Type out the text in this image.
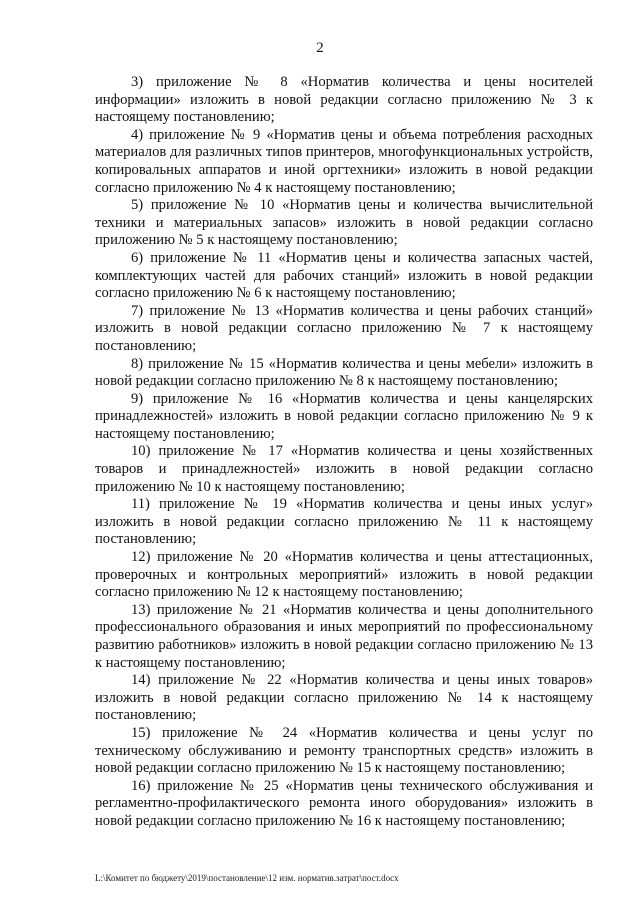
2

3) приложение № 8 «Норматив количества и цены носителей информации» изложить в новой редакции согласно приложению № 3 к настоящему постановлению;

4) приложение № 9 «Норматив цены и объема потребления расходных материалов для различных типов принтеров, многофункциональных устройств, копировальных аппаратов и иной оргтехники» изложить в новой редакции согласно приложению № 4 к настоящему постановлению;

5) приложение № 10 «Норматив цены и количества вычислительной техники и материальных запасов» изложить в новой редакции согласно приложению № 5 к настоящему постановлению;

6) приложение № 11 «Норматив цены и количества запасных частей, комплектующих частей для рабочих станций» изложить в новой редакции согласно приложению № 6 к настоящему постановлению;

7) приложение № 13 «Норматив количества и цены рабочих станций» изложить в новой редакции согласно приложению № 7 к настоящему постановлению;

8) приложение № 15 «Норматив количества и цены мебели» изложить в новой редакции согласно приложению № 8 к настоящему постановлению;

9) приложение № 16 «Норматив количества и цены канцелярских принадлежностей» изложить в новой редакции согласно приложению № 9 к настоящему постановлению;

10) приложение № 17 «Норматив количества и цены хозяйственных товаров и принадлежностей» изложить в новой редакции согласно приложению № 10 к настоящему постановлению;

11) приложение № 19 «Норматив количества и цены иных услуг» изложить в новой редакции согласно приложению № 11 к настоящему постановлению;

12) приложение № 20 «Норматив количества и цены аттестационных, проверочных и контрольных мероприятий» изложить в новой редакции согласно приложению № 12 к настоящему постановлению;

13) приложение № 21 «Норматив количества и цены дополнительного профессионального образования и иных мероприятий по профессиональному развитию работников» изложить в новой редакции согласно приложению № 13 к настоящему постановлению;

14) приложение № 22 «Норматив количества и цены иных товаров» изложить в новой редакции согласно приложению № 14 к настоящему постановлению;

15) приложение № 24 «Норматив количества и цены услуг по техническому обслуживанию и ремонту транспортных средств» изложить в новой редакции согласно приложению № 15 к настоящему постановлению;

16) приложение № 25 «Норматив цены технического обслуживания и регламентно-профилактического ремонта иного оборудования» изложить в новой редакции согласно приложению № 16 к настоящему постановлению;

L:\Комитет по бюджету\2019\постановление\12 изм. норматив.затрат\пост.docx
